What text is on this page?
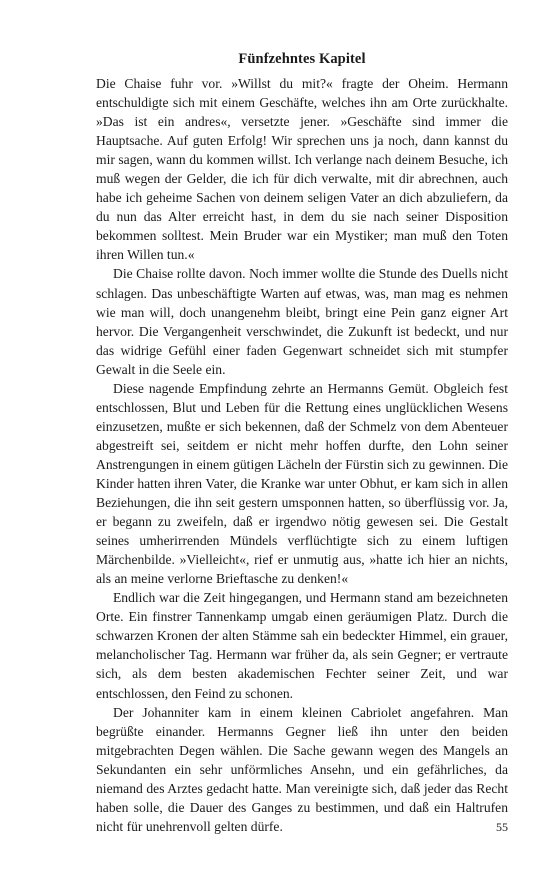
Fünfzehntes Kapitel

Die Chaise fuhr vor. »Willst du mit?« fragte der Oheim. Hermann entschuldigte sich mit einem Geschäfte, welches ihn am Orte zurückhalte. »Das ist ein andres«, versetzte jener. »Geschäfte sind immer die Hauptsache. Auf guten Erfolg! Wir sprechen uns ja noch, dann kannst du mir sagen, wann du kommen willst. Ich verlange nach deinem Besuche, ich muß wegen der Gelder, die ich für dich verwalte, mit dir abrechnen, auch habe ich geheime Sachen von deinem seligen Vater an dich abzuliefern, da du nun das Alter erreicht hast, in dem du sie nach seiner Disposition bekommen solltest. Mein Bruder war ein Mystiker; man muß den Toten ihren Willen tun.«

Die Chaise rollte davon. Noch immer wollte die Stunde des Duells nicht schlagen. Das unbeschäftigte Warten auf etwas, was, man mag es nehmen wie man will, doch unangenehm bleibt, bringt eine Pein ganz eigner Art hervor. Die Vergangenheit verschwindet, die Zukunft ist bedeckt, und nur das widrige Gefühl einer faden Gegenwart schneidet sich mit stumpfer Gewalt in die Seele ein.

Diese nagende Empfindung zehrte an Hermanns Gemüt. Obgleich fest entschlossen, Blut und Leben für die Rettung eines unglücklichen Wesens einzusetzen, mußte er sich bekennen, daß der Schmelz von dem Abenteuer abgestreift sei, seitdem er nicht mehr hoffen durfte, den Lohn seiner Anstrengungen in einem gütigen Lächeln der Fürstin sich zu gewinnen. Die Kinder hatten ihren Vater, die Kranke war unter Obhut, er kam sich in allen Beziehungen, die ihn seit gestern umsponnen hatten, so überflüssig vor. Ja, er begann zu zweifeln, daß er irgendwo nötig gewesen sei. Die Gestalt seines umherirrenden Mündels verflüchtigte sich zu einem luftigen Märchenbilde. »Vielleicht«, rief er unmutig aus, »hatte ich hier an nichts, als an meine verlorne Brieftasche zu denken!«

Endlich war die Zeit hingegangen, und Hermann stand am bezeichneten Orte. Ein finstrer Tannenkamp umgab einen geräumigen Platz. Durch die schwarzen Kronen der alten Stämme sah ein bedeckter Himmel, ein grauer, melancholischer Tag. Hermann war früher da, als sein Gegner; er vertraute sich, als dem besten akademischen Fechter seiner Zeit, und war entschlossen, den Feind zu schonen.

Der Johanniter kam in einem kleinen Cabriolet angefahren. Man begrüßte einander. Hermanns Gegner ließ ihn unter den beiden mitgebrachten Degen wählen. Die Sache gewann wegen des Mangels an Sekundanten ein sehr unförmliches Ansehn, und ein gefährliches, da niemand des Arztes gedacht hatte. Man vereinigte sich, daß jeder das Recht haben solle, die Dauer des Ganges zu bestimmen, und daß ein Haltrufen nicht für unehrenvoll gelten dürfe.	55
